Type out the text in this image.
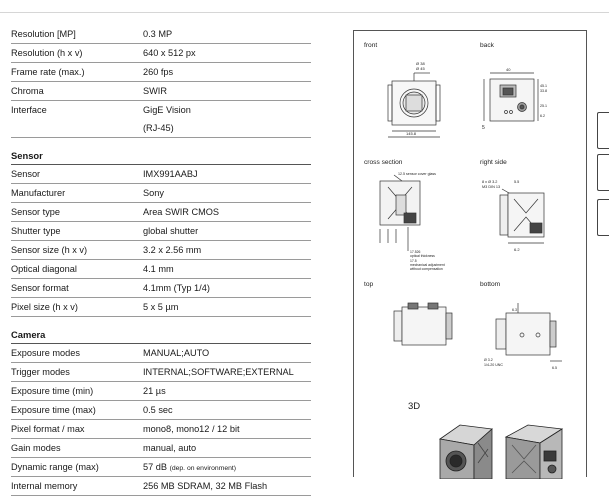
Resolution [MP]	0.3 MP
Resolution (h x v)	640 x 512 px
Frame rate (max.)	260 fps
Chroma	SWIR
Interface	GigE Vision
(RJ-45)
Sensor
Sensor	IMX991AABJ
Manufacturer	Sony
Sensor type	Area SWIR CMOS
Shutter type	global shutter
Sensor size (h x v)	3.2 x 2.56 mm
Optical diagonal	4.1 mm
Sensor format	4.1mm (Typ 1/4)
Pixel size (h x v)	5 x 5 µm
Camera
Exposure modes	MANUAL;AUTO
Trigger modes	INTERNAL;SOFTWARE;EXTERNAL
Exposure time (min)	21 µs
Exposure time (max)	0.5 sec
Pixel format / max	mono8, mono12 / 12 bit
Gain modes	manual, auto
Dynamic range (max)	57 dB (dep. on environment)
Internal memory	256 MB SDRAM, 32 MB Flash
front	back
cross section	right side
top	bottom
3D
Ø 38
Ø 45
145.8
40
45.1
33.8
25.1
6.2
5
12.5 sensor cover glass
17.526
optical thickness
17.5
mechanical adjustment
without compensation
8 x Ø 3.2	5.5
M3 DIN 13
6.2
6.3
Ø 3.2
1/4-20 UNC
6.5
